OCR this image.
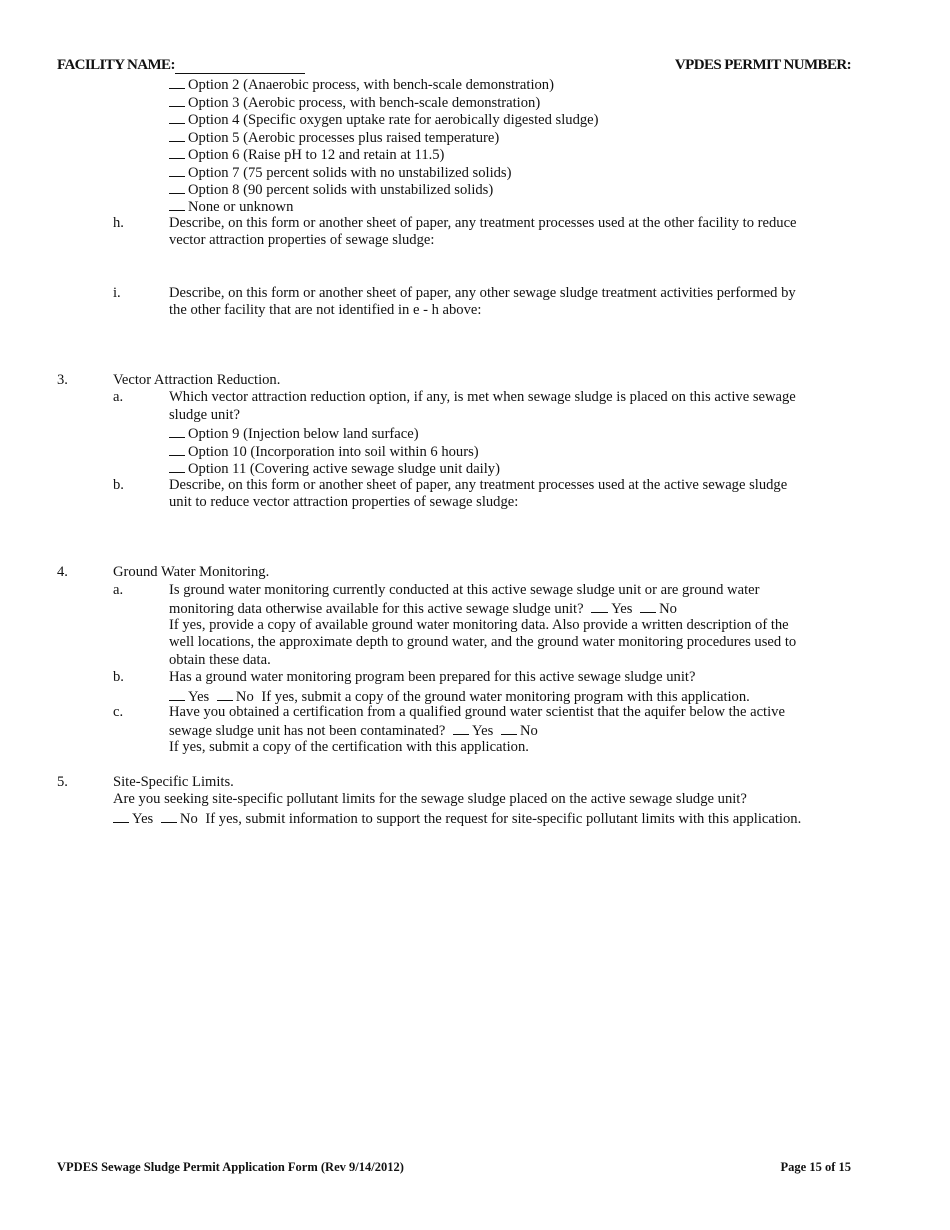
FACILITY NAME:	VPDES PERMIT NUMBER:
Option 2 (Anaerobic process, with bench-scale demonstration)
Option 3 (Aerobic process, with bench-scale demonstration)
Option 4 (Specific oxygen uptake rate for aerobically digested sludge)
Option 5 (Aerobic processes plus raised temperature)
Option 6 (Raise pH to 12 and retain at 11.5)
Option 7 (75 percent solids with no unstabilized solids)
Option 8 (90 percent solids with unstabilized solids)
None or unknown
h.	Describe, on this form or another sheet of paper, any treatment processes used at the other facility to reduce
vector attraction properties of sewage sludge:
i.	Describe, on this form or another sheet of paper, any other sewage sludge treatment activities performed by
the other facility that are not identified in e - h above:
3.	Vector Attraction Reduction.
a.	Which vector attraction reduction option, if any, is met when sewage sludge is placed on this active sewage
sludge unit?
Option 9 (Injection below land surface)
Option 10 (Incorporation into soil within 6 hours)
Option 11 (Covering active sewage sludge unit daily)
b.	Describe, on this form or another sheet of paper, any treatment processes used at the active sewage sludge
unit to reduce vector attraction properties of sewage sludge:
4.	Ground Water Monitoring.
a.	Is ground water monitoring currently conducted at this active sewage sludge unit or are ground water
monitoring data otherwise available for this active sewage sludge unit? Yes No
If yes, provide a copy of available ground water monitoring data. Also provide a written description of the
well locations, the approximate depth to ground water, and the ground water monitoring procedures used to
obtain these data.
b.	Has a ground water monitoring program been prepared for this active sewage sludge unit?
Yes No If yes, submit a copy of the ground water monitoring program with this application.
c.	Have you obtained a certification from a qualified ground water scientist that the aquifer below the active
sewage sludge unit has not been contaminated? Yes No
If yes, submit a copy of the certification with this application.
5.	Site-Specific Limits.
Are you seeking site-specific pollutant limits for the sewage sludge placed on the active sewage sludge unit?
Yes No If yes, submit information to support the request for site-specific pollutant limits with this application.
VPDES Sewage Sludge Permit Application Form (Rev 9/14/2012)	Page 15 of 15
